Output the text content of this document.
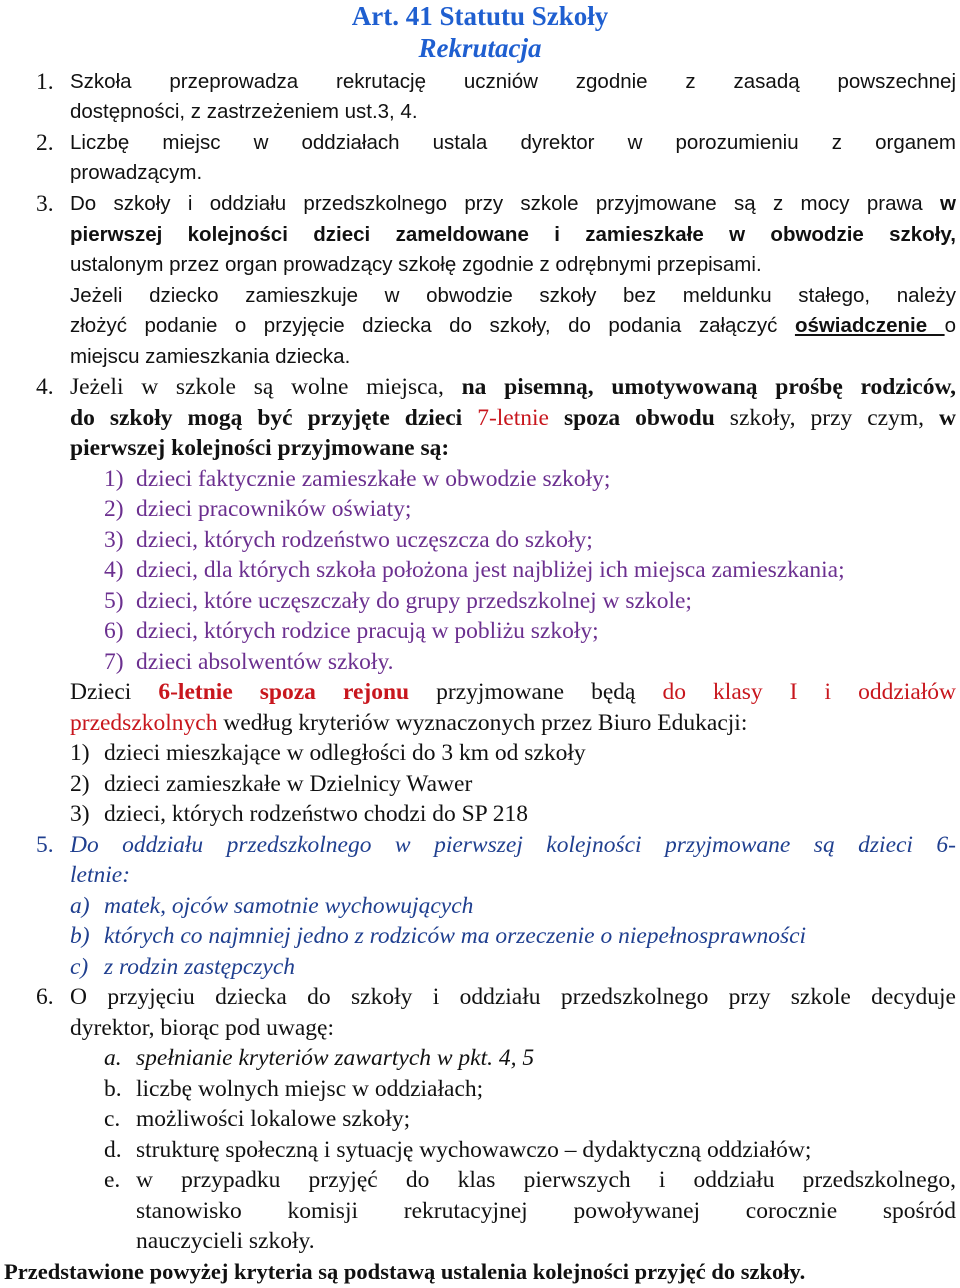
Art. 41 Statutu Szkoły
Rekrutacja
1. Szkoła przeprowadza rekrutację uczniów zgodnie z zasadą powszechnej
dostępności, z zastrzeżeniem ust.3, 4.
2. Liczbę miejsc w oddziałach ustala dyrektor w porozumieniu z organem
prowadzącym.
3. Do szkoły i oddziału przedszkolnego przy szkole przyjmowane są z mocy prawa w
pierwszej kolejności dzieci zameldowane i zamieszkałe w obwodzie szkoły,
ustalonym przez organ prowadzący szkołę zgodnie z odrębnymi przepisami.
Jeżeli dziecko zamieszkuje w obwodzie szkoły bez meldunku stałego, należy
złożyć podanie o przyjęcie dziecka do szkoły, do podania załączyć oświadczenie o
miejscu zamieszkania dziecka.
4. Jeżeli w szkole są wolne miejsca, na pisemną, umotywowaną prośbę rodziców,
do szkoły mogą być przyjęte dzieci 7-letnie spoza obwodu szkoły, przy czym, w
pierwszej kolejności przyjmowane są:
1) dzieci faktycznie zamieszkałe w obwodzie szkoły;
2) dzieci pracowników oświaty;
3) dzieci, których rodzeństwo uczęszcza do szkoły;
4) dzieci, dla których szkoła położona jest najbliżej ich miejsca zamieszkania;
5) dzieci, które uczęszczały do grupy przedszkolnej w szkole;
6) dzieci, których rodzice pracują w pobliżu szkoły;
7) dzieci absolwentów szkoły.
Dzieci 6-letnie spoza rejonu przyjmowane będą do klasy I i oddziałów
przedszkolnych według kryteriów wyznaczonych przez Biuro Edukacji:
1) dzieci mieszkające w odległości do 3 km od szkoły
2) dzieci zamieszkałe w Dzielnicy Wawer
3) dzieci, których rodzeństwo chodzi do SP 218
5. Do oddziału przedszkolnego w pierwszej kolejności przyjmowane są dzieci 6-
letnie:
a) matek, ojców samotnie wychowujących
b) których co najmniej jedno z rodziców ma orzeczenie o niepełnosprawności
c) z rodzin zastępczych
6. O przyjęciu dziecka do szkoły i oddziału przedszkolnego przy szkole decyduje
dyrektor, biorąc pod uwagę:
a. spełnianie kryteriów zawartych w pkt. 4, 5
b. liczbę wolnych miejsc w oddziałach;
c. możliwości lokalowe szkoły;
d. strukturę społeczną i sytuację wychowawczo – dydaktyczną oddziałów;
e. w przypadku przyjęć do klas pierwszych i oddziału przedszkolnego,
stanowisko komisji rekrutacyjnej powoływanej corocznie spośród
nauczycieli szkoły.
Przedstawione powyżej kryteria są podstawą ustalenia kolejności przyjęć do szkoły.
